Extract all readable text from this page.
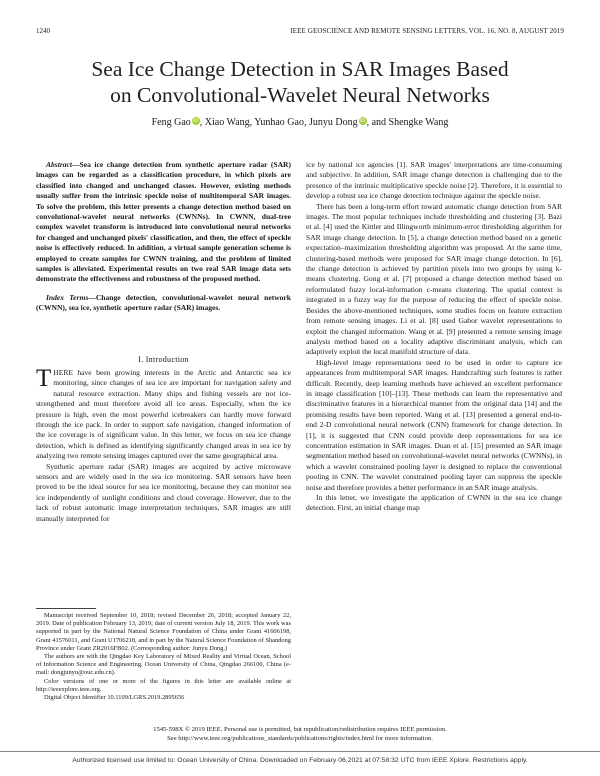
1240	IEEE GEOSCIENCE AND REMOTE SENSING LETTERS, VOL. 16, NO. 8, AUGUST 2019
Sea Ice Change Detection in SAR Images Based
on Convolutional-Wavelet Neural Networks
Feng Gao iD, Xiao Wang, Yunhao Gao, Junyu Dong iD, and Shengke Wang

Abstract—Sea ice change detection from synthetic aperture radar (SAR) images can be regarded as a classification procedure, in which pixels are classified into changed and unchanged classes. However, existing methods usually suffer from the intrinsic speckle noise of multitemporal SAR images. To solve the problem, this letter presents a change detection method based on convolutional-wavelet neural networks (CWNNs). In CWNN, dual-tree complex wavelet transform is introduced into convolutional neural networks for changed and unchanged pixels' classification, and then, the effect of speckle noise is effectively reduced. In addition, a virtual sample generation scheme is employed to create samples for CWNN training, and the problem of limited samples is alleviated. Experimental results on two real SAR image data sets demonstrate the effectiveness and robustness of the proposed method.

Index Terms—Change detection, convolutional-wavelet neural network (CWNN), sea ice, synthetic aperture radar (SAR) images.

I. Introduction

THERE have been growing interests in the Arctic and Antarctic sea ice monitoring, since changes of sea ice are important for navigation safety and natural resource extraction. Many ships and fishing vessels are not ice-strengthened and must therefore avoid all ice areas. Especially, when the ice pressure is high, even the most powerful icebreakers can hardly move forward through the ice pack. In order to support safe navigation, changed information of the ice coverage is of significant value. In this letter, we focus on sea ice change detection, which is defined as identifying significantly changed areas in sea ice by analyzing two remote sensing images captured over the same geographical area.

Synthetic aperture radar (SAR) images are acquired by active microwave sensors and are widely used in the sea ice monitoring. SAR sensors have been proved to be the ideal source for sea ice monitoring, because they can monitor sea ice independently of sunlight conditions and cloud coverage. However, due to the lack of robust automatic image interpretation techniques, SAR images are still manually interpreted for

Manuscript received September 10, 2018; revised December 26, 2018; accepted January 22, 2019. Date of publication February 13, 2019; date of current version July 18, 2019. This work was supported in part by the National Natural Science Foundation of China under Grant 41606198, Grant 41576011, and Grant U1706218, and in part by the Natural Science Foundation of Shandong Province under Grant ZR2016FB02. (Corresponding author: Junyu Dong.)

The authors are with the Qingdao Key Laboratory of Mixed Reality and Virtual Ocean, School of Information Science and Engineering, Ocean University of China, Qingdao 266100, China (e-mail: dongjunyu@ouc.edu.cn).

Color versions of one or more of the figures in this letter are available online at http://ieeexplore.ieee.org.

Digital Object Identifier 10.1109/LGRS.2019.2895656

ice by national ice agencies [1]. SAR images' interpretations are time-consuming and subjective. In addition, SAR image change detection is challenging due to the presence of the intrinsic multiplicative speckle noise [2]. Therefore, it is essential to develop a robust sea ice change detection technique against the speckle noise.

There has been a long-term effort toward automatic change detection from SAR images. The most popular techniques include thresholding and clustering [3]. Bazi et al. [4] used the Kittler and Illingworth minimum-error thresholding algorithm for SAR image change detection. In [5], a change detection method based on a genetic expectation–maximization thresholding algorithm was proposed. At the same time, clustering-based methods were proposed for SAR image change detection. In [6], the change detection is achieved by partition pixels into two groups by using k-means clustering. Gong et al. [7] proposed a change detection method based on reformulated fuzzy local-information c-means clustering. The spatial context is integrated in a fuzzy way for the purpose of reducing the effect of speckle noise. Besides the above-mentioned techniques, some studies focus on feature extraction from remote sensing images. Li et al. [8] used Gabor wavelet representations to exploit the changed information. Wang et al. [9] presented a remote sensing image analysis method based on a locality adaptive discriminant analysis, which can adaptively exploit the local manifold structure of data.

High-level image representations need to be used in order to capture ice appearances from multitemporal SAR images. Handcrafting such features is rather difficult. Recently, deep learning methods have achieved an excellent performance in image classification [10]–[13]. These methods can learn the representative and discriminative features in a hierarchical manner from the original data [14] and the promising results have been reported. Wang et al. [13] presented a general end-to-end 2-D convolutional neural network (CNN) framework for change detection. In [1], it is suggested that CNN could provide deep representations for sea ice concentration estimation in SAR images. Duan et al. [15] presented an SAR image segmentation method based on convolutional-wavelet neural networks (CWNNs), in which a wavelet constrained pooling layer is designed to replace the conventional pooling in CNN. The wavelet constrained pooling layer can suppress the speckle noise and therefore provides a better performance in an SAR image analysis.

In this letter, we investigate the application of CWNN in the sea ice change detection. First, an initial change map

1545-598X © 2019 IEEE. Personal use is permitted, but republication/redistribution requires IEEE permission.
See http://www.ieee.org/publications_standards/publications/rights/index.html for more information.
Authorized licensed use limited to: Ocean University of China. Downloaded on February 06,2021 at 07:58:32 UTC from IEEE Xplore. Restrictions apply.
